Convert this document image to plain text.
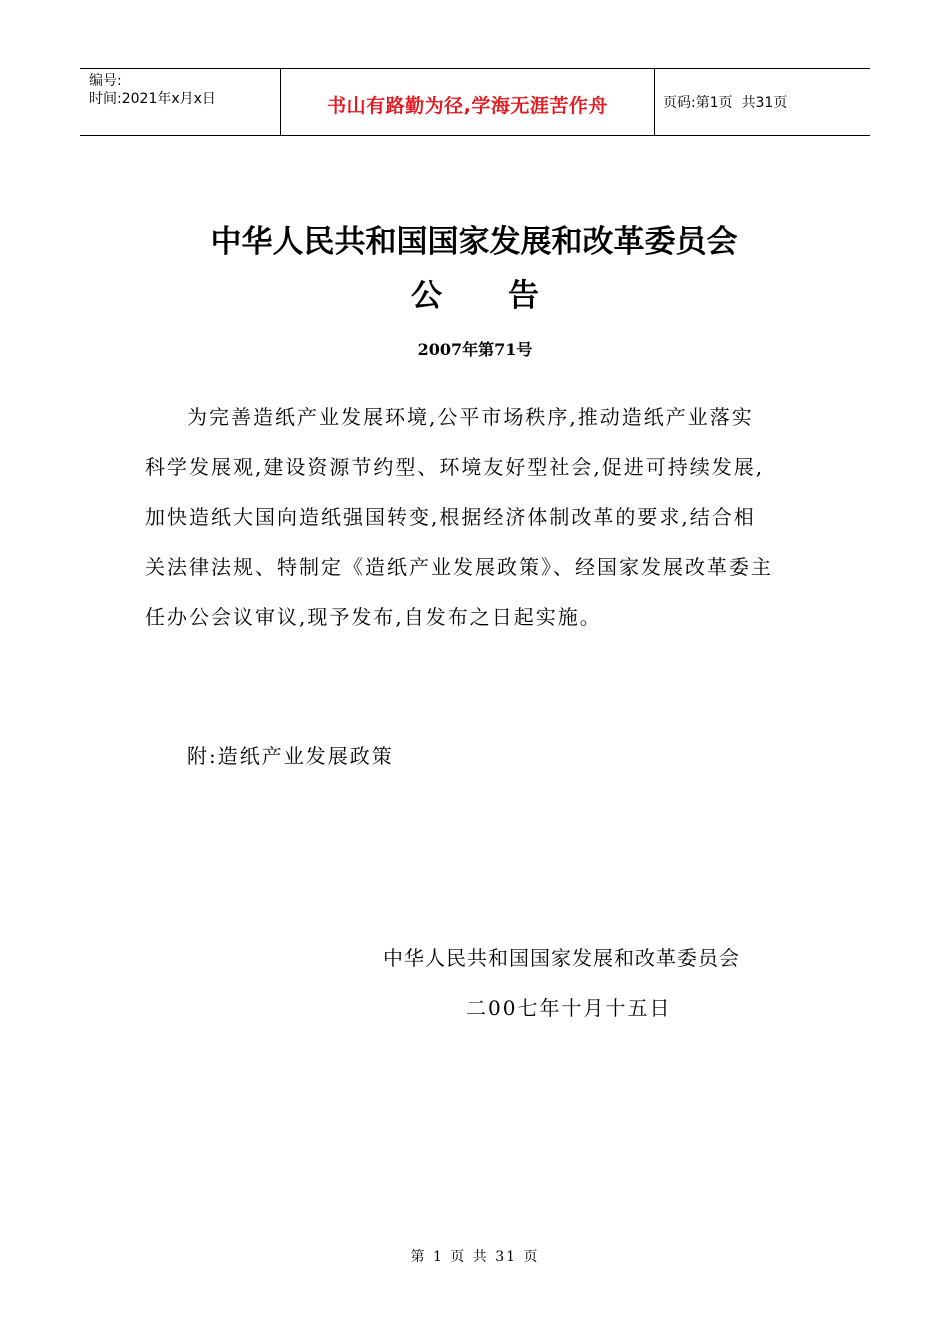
编号:
时间:2021年x月x日	书山有路勤为径,学海无涯苦作舟	页码:第1页  共31页
中华人民共和国国家发展和改革委员会
公告
2007年第71号
为完善造纸产业发展环境,公平市场秩序,推动造纸产业落实
科学发展观,建设资源节约型、环境友好型社会,促进可持续发展,
加快造纸大国向造纸强国转变,根据经济体制改革的要求,结合相
关法律法规、特制定《造纸产业发展政策》、经国家发展改革委主
任办公会议审议,现予发布,自发布之日起实施。
附:造纸产业发展政策
中华人民共和国国家发展和改革委员会
二00七年十月十五日
第 1 页 共 31 页
